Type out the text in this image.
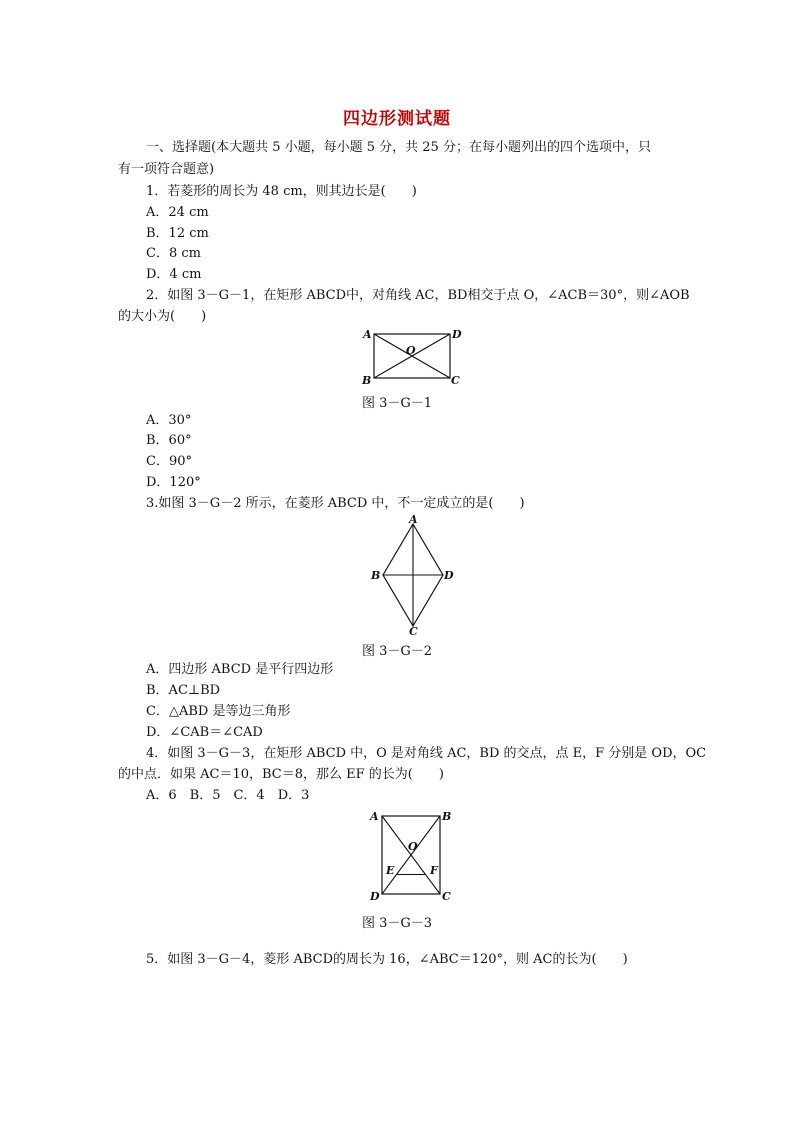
四边形测试题
一、选择题(本大题共 5 小题，每小题 5 分，共 25 分；在每小题列出的四个选项中，只
有一项符合题意)
1．若菱形的周长为 48 cm，则其边长是(　　)
A．24 cm
B．12 cm
C．8 cm
D．4 cm
2．如图 3－G－1，在矩形 ABCD中，对角线 AC，BD相交于点 O，∠ACB＝30°，则∠AOB
的大小为(　　)
A	D
B	C
O
图 3－G－1
A．30°
B．60°
C．90°
D．120°
3.如图 3－G－2 所示，在菱形 ABCD 中，不一定成立的是(　　)
A
B	D
C
图 3－G－2
A．四边形 ABCD 是平行四边形
B．AC⊥BD
C．△ABD 是等边三角形
D．∠CAB＝∠CAD
4．如图 3－G－3，在矩形 ABCD 中，O 是对角线 AC，BD 的交点，点 E，F 分别是 OD，OC
的中点．如果 AC＝10，BC＝8，那么 EF 的长为(　　)
A．6　B．5　C．4　D．3
A	B
D	C
O
E	F
图 3－G－3
5．如图 3－G－4，菱形 ABCD的周长为 16，∠ABC＝120°，则 AC的长为(　　)
